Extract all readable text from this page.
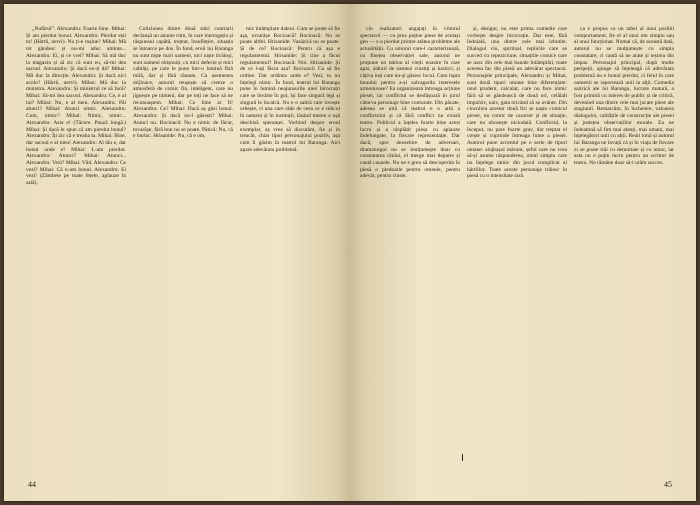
„Nufărul”. Alexandru: Foarte bine. Mihai: Și am pierdut bonul. Alexandru: Pierdut ești tu! (Hârtii, nervi). Nu ți-e rușine? Mihai: Mă tot gândesc și nu-mi aduc aminte... Alexandru: Ei, și ce vrei? Mihai: Să mă duc la magazin și să zic că sunt eu, să-mi dea sacoul. Alexandru: Și dacă nu-ți dă? Mihai: Mă duc la direcție. Alexandru: Și dacă nici acolo? (Hârtii, nervi). Mihai: Mă duc la ministru. Alexandru: Și ministrul ce să facă? Mihai: Să-mi dea sacoul. Alexandru: Ce, e al lui? Mihai: Nu, e al meu. Alexandru: Păi atunci? Mihai: Atunci nimic. Alexandru: Cum, nimic? Mihai: Nimic, nimic... Alexandru: Asta e! (Tăcere. Pauză lungă.) Mihai: Și dacă le spun că am pierdut bonul? Alexandru: Îți zic că e treaba ta. Mihai: Bine, dar sacoul e al meu! Alexandru: Al tău e, dar bonul unde e? Mihai: L-am pierdut. Alexandru: Atunci? Mihai: Atunci... Alexandru: Vezi? Mihai: Văd. Alexandru: Ce vezi? Mihai: Că n-am bonul. Alexandru: Ei vezi! (Zâmbete pe toate fețele, aplauze în sală).

Colizionea dintre două stări contrarii declanșă un anume ritm, în care interogația și răspunsul capătă, treptat, însuflețire, situația se întoarce pe dos. În fond, eroii lui Baranga nu sunt niște mari oameni, nici niște ticăloși, sunt oameni obișnuiți, cu mici defecte și mici calități, pe care le pune într-o lumină fără milă, dar și fără răutate. Cu asemenea mijloace, autorul reușește să creeze o atmosferă de comic fin, inteligent, care nu jignește pe nimeni, dar pe toți ne face să ne recunoaștem. Mihai: Ce bine ar fi! Alexandru: Ce? Mihai: Dacă aș găsi bonul. Alexandru: Și dacă nu-l găsești? Mihai: Atunci nu. Bocioacă: Nu e nimic de făcut, tovarășe, fără bon nu se poate. Pătică: Nu, că e burlac. Hrisanide: Nu, că e om.

mic întâmplare daleoi. Cum se poate să fie așa, tovarășe Bocioacă? Bocioacă: Nu se poate altfel. Hrisanide: Vasăzică nu se poate. Și de ce? Bocioacă: Pentru că așa e regulamentul. Hrisanide: Și cine a făcut regulamentul? Bocioacă: Noi. Hrisanide: Și de ce l-ați făcut așa? Bocioacă: Ca să fie ordine. Dar ordinea unde e? Vezi, tu nu înțelegi nimic. În fond, teatrul lui Baranga pune în lumină neajunsurile unei birocrații care se învârte în gol, își face singură legi și singură le încalcă. Nu e o satiră care lovește orbește, ci una care râde de ceea ce e ridicol în oameni și în instituții, lăsând mereu o ușă deschisă speranței. Vorbind despre eroul exemplar, aș vrea să discutăm, fie și în treacăt, chiar tipul personajului pozitiv, așa cum îl găsim în teatrul lui Baranga. Aici apare adevărata problemă.

44

cin realizatori angajați în viitorul spectacol — cu prea puține piese de același gen — s-a pierdut printre atâtea probleme ale actualității. Cu umorul care-l caracterizează, cu finețea observației sale, autorul ne propune un tablou al vieții noastre în care apar, alături de oameni cinstiți și harnici, și câțiva inși care nu-și găsesc locul. Cum lupta bunului pentru a-și salvagarda interesele armonioase? Ea organizează întreaga acțiune piesei, iar conflictul se desfășoară în jurul câtorva personaje bine conturate. Din păcate, adesea se uită că teatrul e o artă a conflictului și că fără conflict nu există teatru. Publicul a înțeles foarte bine acest lucru și a răsplătit piesa cu aplauze îndelungate, la fiecare reprezentație. Dar dacă, spre deosebire de adversari, dramaturgul nu se mulțumește doar cu constatarea răului, el merge mai departe și caută cauzele. Nu ne e greu să descoperim în piesă o pledoarie pentru omenie, pentru adevăr, pentru cinste.

și, desigur, nu este prima comedie care vorbește despre birocrație. Dar este, fără îndoială, una dintre cele mai izbutite. Dialogul viu, spiritual, replicile care se succed cu repeziciune, situațiile comice care se nasc din cele mai banale întâmplări, toate acestea fac din piesă un adevărat spectacol. Personajele principale, Alexandru și Mihai, sunt două tipuri umane bine diferențiate: unul prudent, calculat, care nu face nimic fără să se gândească de două ori, celălalt impulsiv, naiv, gata oricând să se avânte. Din ciocnirea acestor două firi se naște comicul piesei, un comic de caracter și de situație, care nu obosește niciodată. Conflictul, la început, nu pare foarte grav, dar treptat el crește și cuprinde întreaga lume a piesei. Autorul pune accentul pe o serie de tipuri umane: slujbașul mărunt, șeful care nu vrea să-și asume răspunderea, omul simplu care nu înțelege nimic din jocul complicat al hârtiilor. Toate aceste personaje trăiesc în piesă cu o intensitate rară.

ca e propus ca un tabel al unui posibil comportament, fie el al unui om simplu sau al unui funcționar. Numai că, de această dată, autorul nu se mulțumește cu simpla constatare, ci caută să ne arate și ieșirea din impas. Personajul principal, după multe peripeții, ajunge să înțeleagă că adevărata problemă nu e bonul pierdut, ci felul în care oamenii se raportează unii la alții. Comedia satirică ale lui Baranga, lucrare matură, a fost primită cu interes de public și de critică, devenind una dintre cele mai jucate piese ale stagiunii. Remarcăm, în încheiere, valoarea dialogului, calitățile de construcție ale piesei și justețea observațiilor morale. Ea ne îndeamnă să fim mai atenți, mai umani, mai înțelegători unii cu alții. Reali totul și autorul lui Baranga ne învață că și în viața de fiecare zi se poate trăi cu demnitate și cu umor, iar asta nu e puțin lucru pentru un scriitor de teatru. Ne rămâne doar să-i urăm succes.

45
